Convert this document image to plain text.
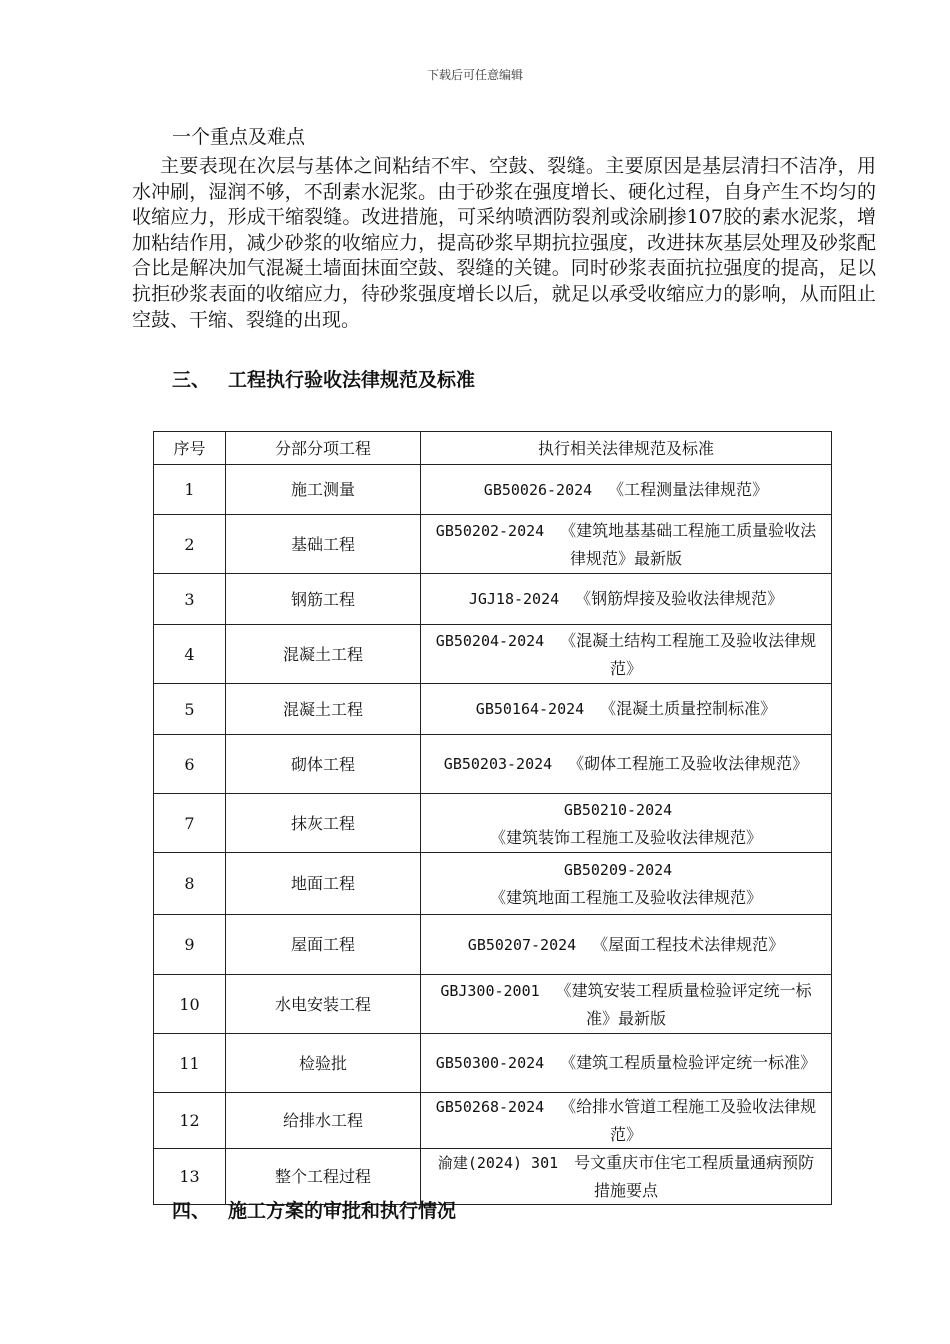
下载后可任意编辑
一个重点及难点
主要表现在次层与基体之间粘结不牢、空鼓、裂缝。主要原因是基层清扫不洁净，用水冲刷，湿润不够，不刮素水泥浆。由于砂浆在强度增长、硬化过程，自身产生不均匀的收缩应力，形成干缩裂缝。改进措施，可采纳喷洒防裂剂或涂刷掺107胶的素水泥浆，增加粘结作用，减少砂浆的收缩应力，提高砂浆早期抗拉强度，改进抹灰基层处理及砂浆配合比是解决加气混凝土墙面抹面空鼓、裂缝的关键。同时砂浆表面抗拉强度的提高，足以抗拒砂浆表面的收缩应力，待砂浆强度增长以后，就足以承受收缩应力的影响，从而阻止空鼓、干缩、裂缝的出现。
三、 工程执行验收法律规范及标准
序号	分部分项工程	执行相关法律规范及标准
1	施工测量	GB50026-2024  《工程测量法律规范》
2	基础工程	GB50202-2024  《建筑地基基础工程施工质量验收法律规范》最新版
3	钢筋工程	JGJ18-2024  《钢筋焊接及验收法律规范》
4	混凝土工程	GB50204-2024  《混凝土结构工程施工及验收法律规范》
5	混凝土工程	GB50164-2024  《混凝土质量控制标准》
6	砌体工程	GB50203-2024  《砌体工程施工及验收法律规范》
7	抹灰工程	GB50210-2024 《建筑装饰工程施工及验收法律规范》
8	地面工程	GB50209-2024 《建筑地面工程施工及验收法律规范》
9	屋面工程	GB50207-2024  《屋面工程技术法律规范》
10	水电安装工程	GBJ300-2001  《建筑安装工程质量检验评定统一标准》最新版
11	检验批	GB50300-2024  《建筑工程质量检验评定统一标准》
12	给排水工程	GB50268-2024  《给排水管道工程施工及验收法律规范》
13	整个工程过程	渝建(2024) 301  号文重庆市住宅工程质量通病预防措施要点
四、 施工方案的审批和执行情况
